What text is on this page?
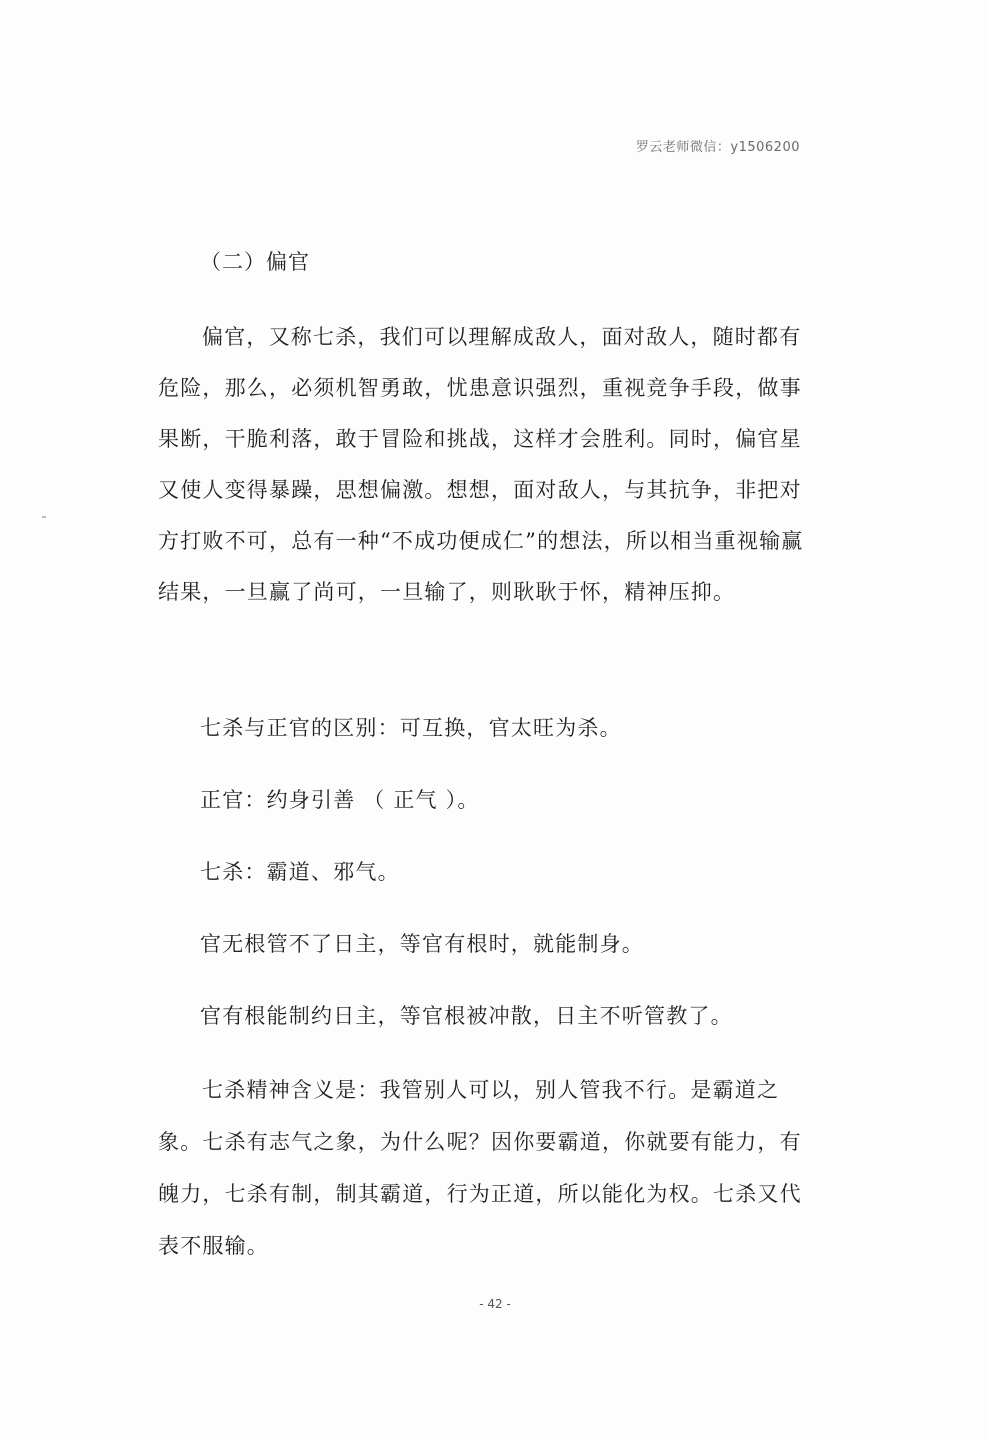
罗云老师微信：y1506200
（二）偏官

偏官，又称七杀，我们可以理解成敌人，面对敌人，随时都有危险，那么，必须机智勇敢，忧患意识强烈，重视竞争手段，做事果断，干脆利落，敢于冒险和挑战，这样才会胜利。同时，偏官星又使人变得暴躁，思想偏激。想想，面对敌人，与其抗争，非把对方打败不可，总有一种“不成功便成仁”的想法，所以相当重视输赢结果，一旦赢了尚可，一旦输了，则耿耿于怀，精神压抑。

七杀与正官的区别：可互换，官太旺为杀。
正官：约身引善 （ 正气 ）。
七杀：霸道、邪气。
官无根管不了日主，等官有根时，就能制身。
官有根能制约日主，等官根被冲散，日主不听管教了。

七杀精神含义是：我管别人可以，别人管我不行。是霸道之象。七杀有志气之象，为什么呢？因你要霸道，你就要有能力，有魄力，七杀有制，制其霸道，行为正道，所以能化为权。七杀又代表不服输。

- 42 -
